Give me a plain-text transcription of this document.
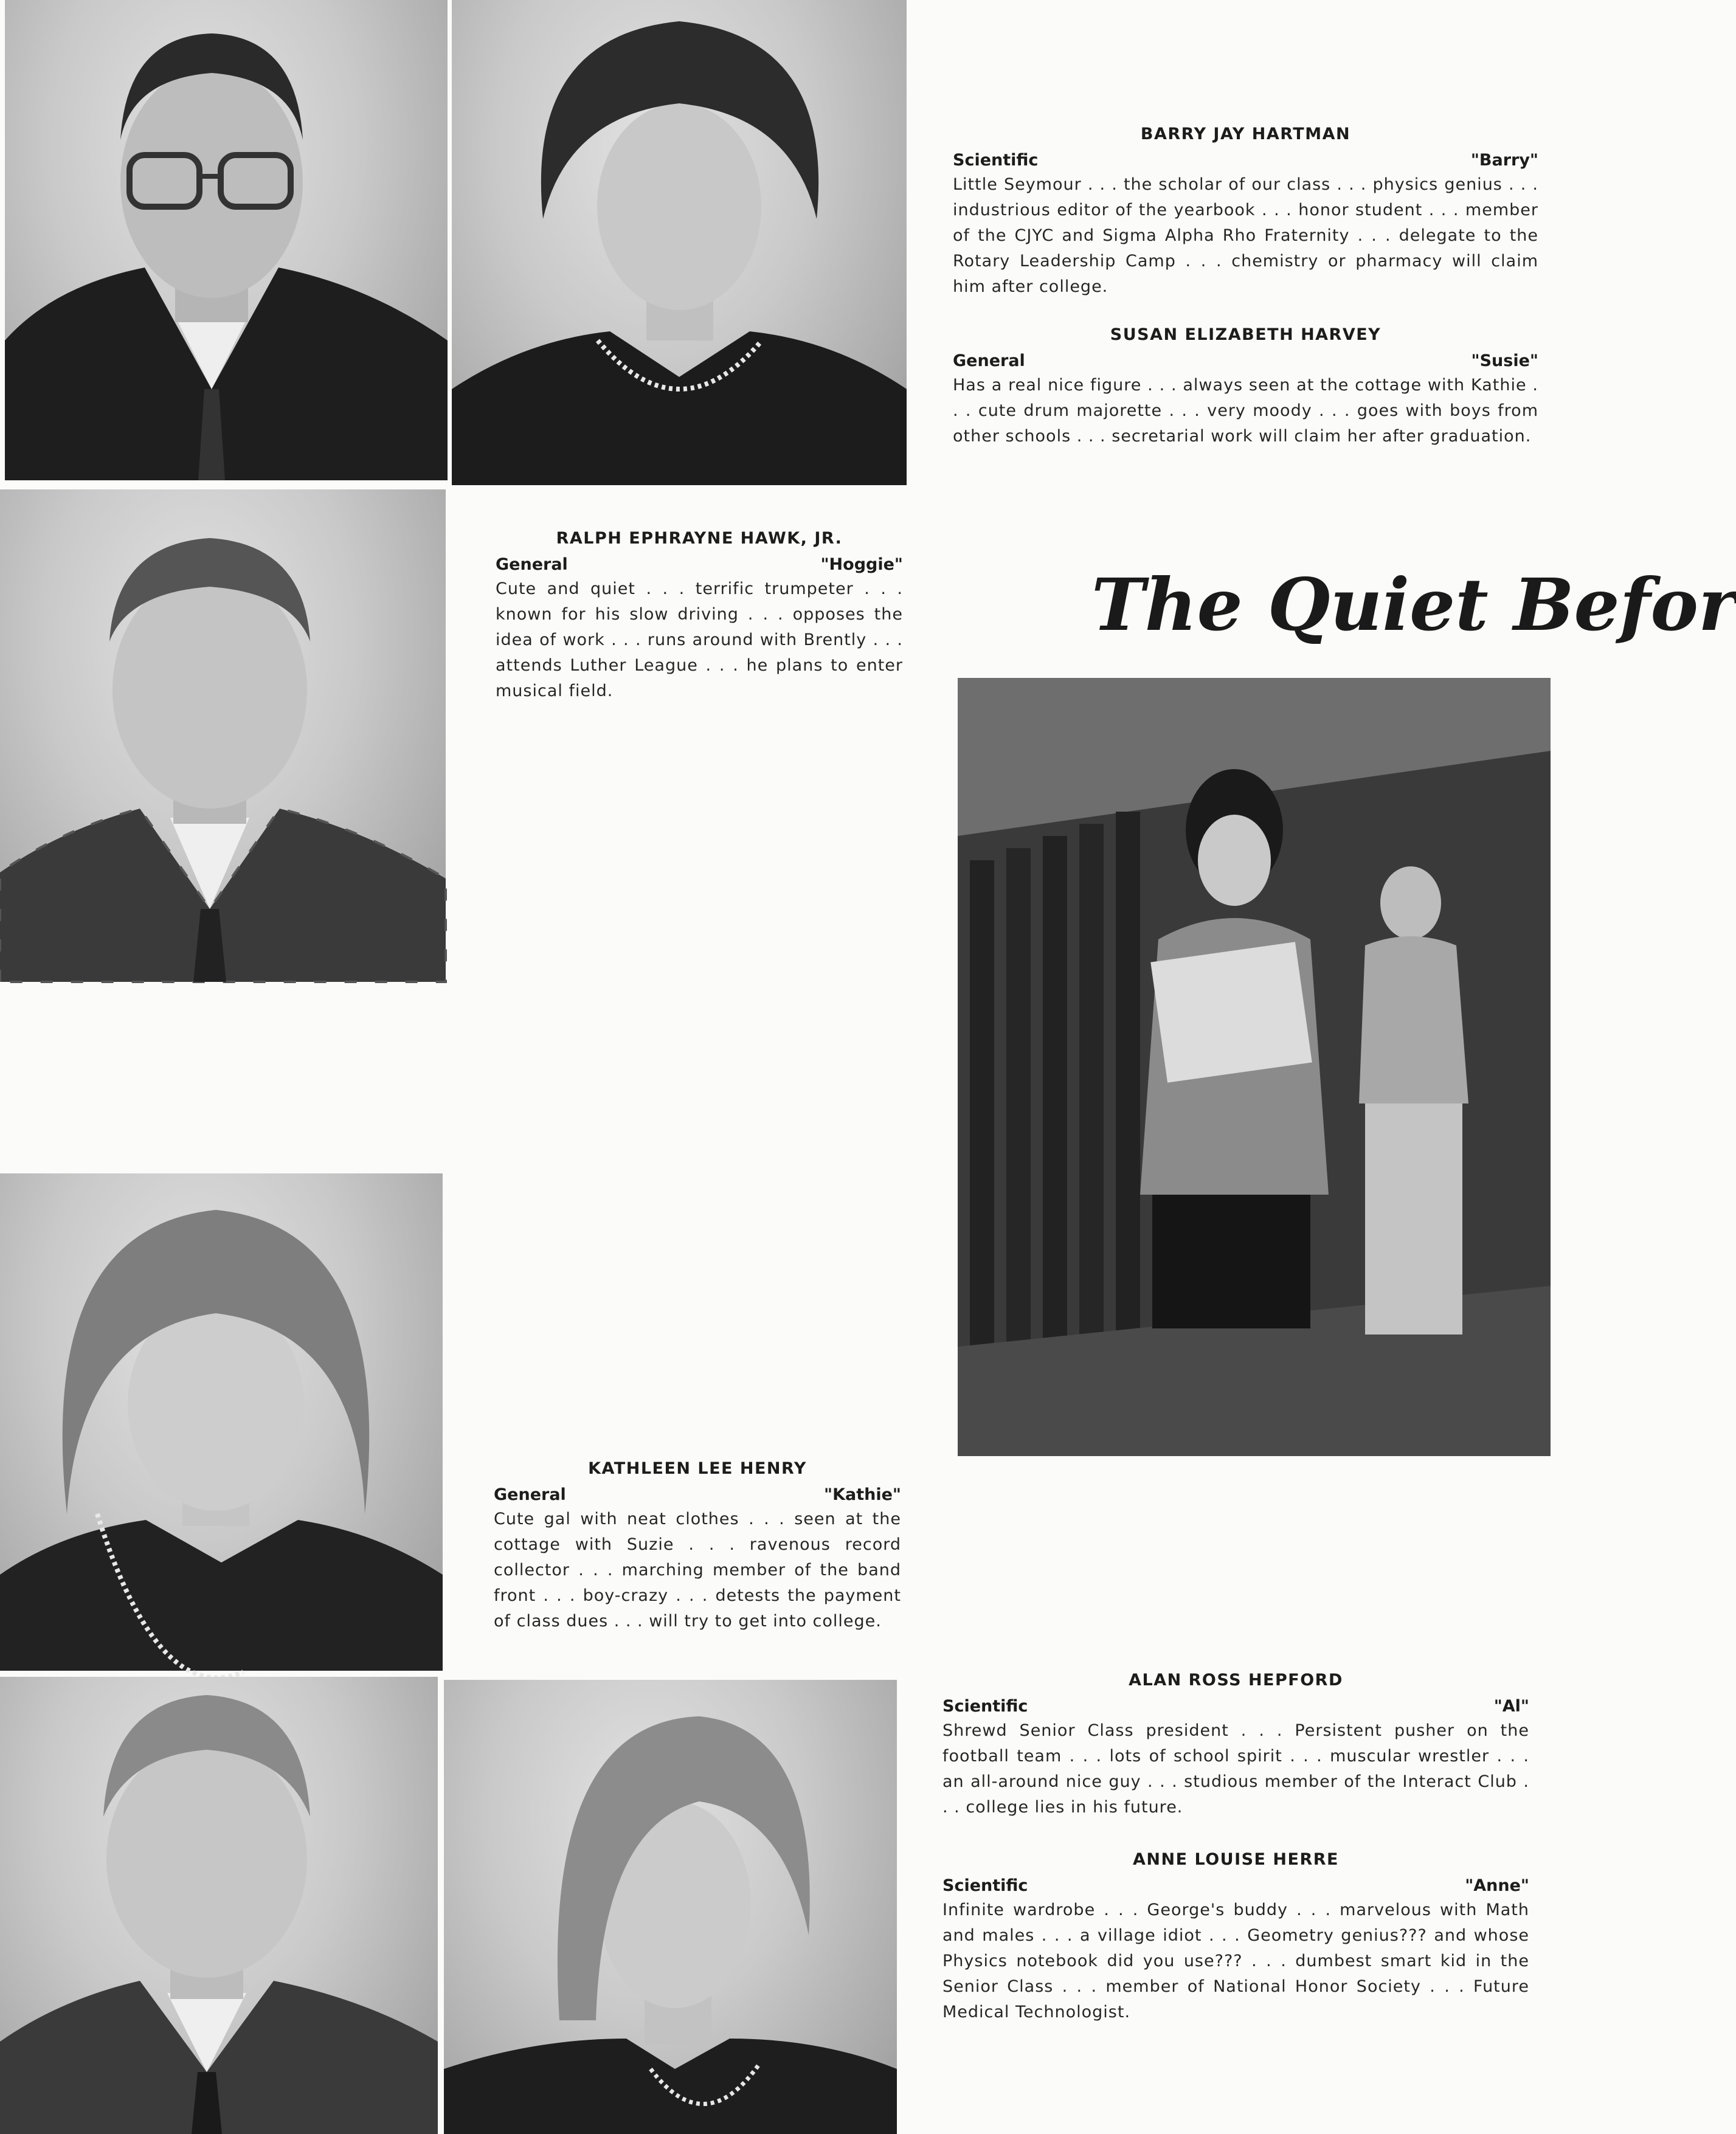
The Quiet Befor
BARRY JAY HARTMAN
Scientific	"Barry"
Little Seymour . . . the scholar of our class . . . physics genius . . . industrious editor of the yearbook . . . honor student . . . member of the CJYC and Sigma Alpha Rho Fraternity . . . delegate to the Rotary Leadership Camp . . . chemistry or pharmacy will claim him after college.
SUSAN ELIZABETH HARVEY
General	"Susie"
Has a real nice figure . . . always seen at the cottage with Kathie . . . cute drum majorette . . . very moody . . . goes with boys from other schools . . . secretarial work will claim her after graduation.
RALPH EPHRAYNE HAWK, JR.
General	"Hoggie"
Cute and quiet . . . terrific trumpeter . . . known for his slow driving . . . opposes the idea of work . . . runs around with Brently . . . attends Luther League . . . he plans to enter musical field.
KATHLEEN LEE HENRY
General	"Kathie"
Cute gal with neat clothes . . . seen at the cottage with Suzie . . . ravenous record collector . . . marching member of the band front . . . boy-crazy . . . detests the payment of class dues . . . will try to get into college.
ALAN ROSS HEPFORD
Scientific	"Al"
Shrewd Senior Class president . . . Persistent pusher on the football team . . . lots of school spirit . . . muscular wrestler . . . an all-around nice guy . . . studious member of the Interact Club . . . college lies in his future.
ANNE LOUISE HERRE
Scientific	"Anne"
Infinite wardrobe . . . George's buddy . . . marvelous with Math and males . . . a village idiot . . . Geometry genius??? and whose Physics notebook did you use??? . . . dumbest smart kid in the Senior Class . . . member of National Honor Society . . . Future Medical Technologist.
